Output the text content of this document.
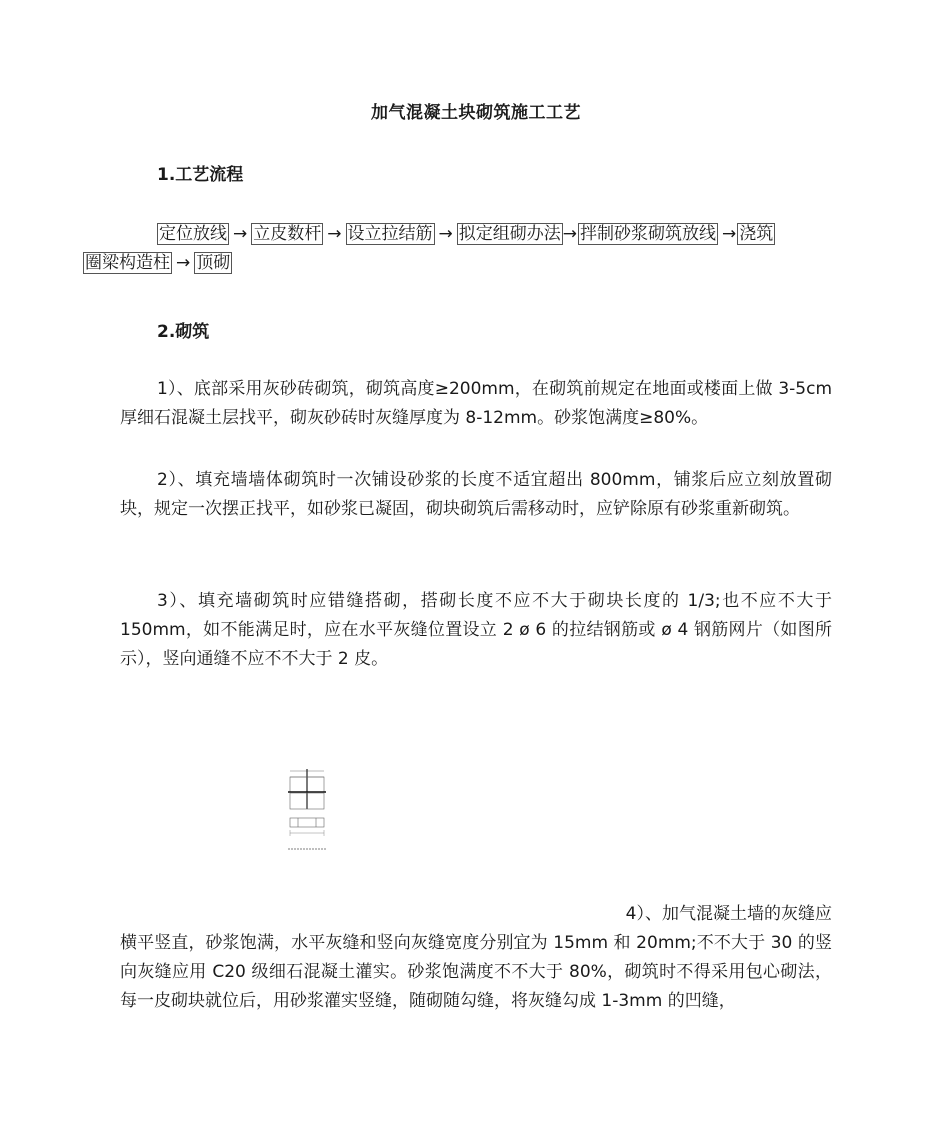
加气混凝土块砌筑施工工艺
1.工艺流程
定位放线 → 立皮数杆 → 设立拉结筋 → 拟定组砌办法 → 拌制砂浆砌筑放线 → 浇筑
圈梁构造柱 → 顶砌
2.砌筑
1）、底部采用灰砂砖砌筑，砌筑高度≥200mm，在砌筑前规定在地面或楼面上做 3-5cm 厚细石混凝土层找平，砌灰砂砖时灰缝厚度为 8-12mm。砂浆饱满度≥80%。
2）、填充墙墙体砌筑时一次铺设砂浆的长度不适宜超出 800mm，铺浆后应立刻放置砌块，规定一次摆正找平，如砂浆已凝固，砌块砌筑后需移动时，应铲除原有砂浆重新砌筑。
3）、填充墙砌筑时应错缝搭砌，搭砌长度不应不大于砌块长度的 1/3;也不应不大于 150mm，如不能满足时，应在水平灰缝位置设立 2 ø 6 的拉结钢筋或 ø 4 钢筋网片（如图所示），竖向通缝不应不不大于 2 皮。
4）、加气混凝土墙的灰缝应
横平竖直，砂浆饱满，水平灰缝和竖向灰缝宽度分别宜为 15mm 和 20mm;不不大于 30 的竖向灰缝应用 C20 级细石混凝土灌实。砂浆饱满度不不大于 80%，砌筑时不得采用包心砌法，每一皮砌块就位后，用砂浆灌实竖缝，随砌随勾缝，将灰缝勾成 1-3mm 的凹缝，
